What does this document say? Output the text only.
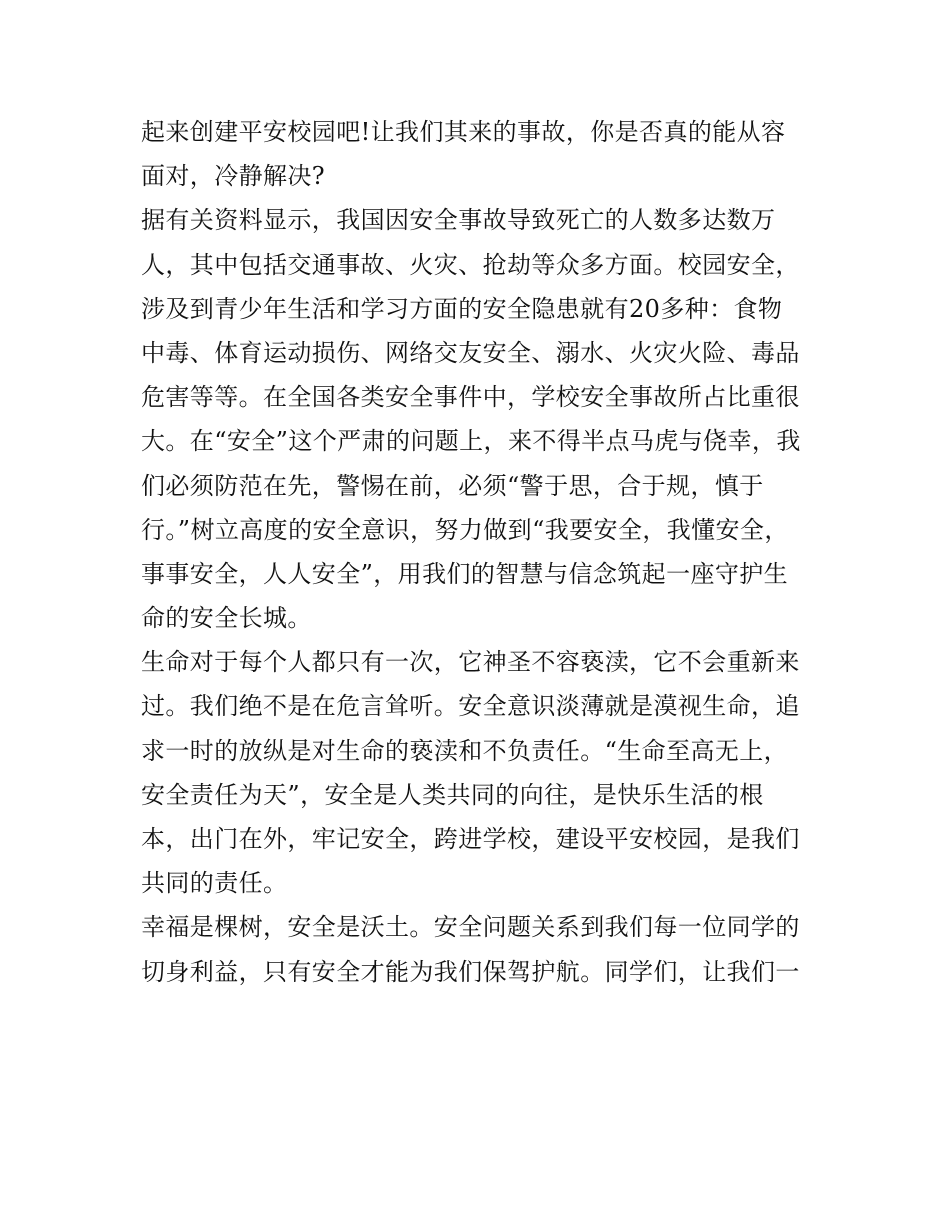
起来创建平安校园吧!让我们其来的事故，你是否真的能从容
面对，冷静解决?
据有关资料显示，我国因安全事故导致死亡的人数多达数万
人，其中包括交通事故、火灾、抢劫等众多方面。校园安全，
涉及到青少年生活和学习方面的安全隐患就有20多种：食物
中毒、体育运动损伤、网络交友安全、溺水、火灾火险、毒品
危害等等。在全国各类安全事件中，学校安全事故所占比重很
大。在“安全”这个严肃的问题上，来不得半点马虎与侥幸，我
们必须防范在先，警惕在前，必须“警于思，合于规，慎于
行。”树立高度的安全意识，努力做到“我要安全，我懂安全，
事事安全，人人安全”，用我们的智慧与信念筑起一座守护生
命的安全长城。
生命对于每个人都只有一次，它神圣不容亵渎，它不会重新来
过。我们绝不是在危言耸听。安全意识淡薄就是漠视生命，追
求一时的放纵是对生命的亵渎和不负责任。“生命至高无上，
安全责任为天”，安全是人类共同的向往，是快乐生活的根
本，出门在外，牢记安全，跨进学校，建设平安校园，是我们
共同的责任。
幸福是棵树，安全是沃土。安全问题关系到我们每一位同学的
切身利益，只有安全才能为我们保驾护航。同学们，让我们一
